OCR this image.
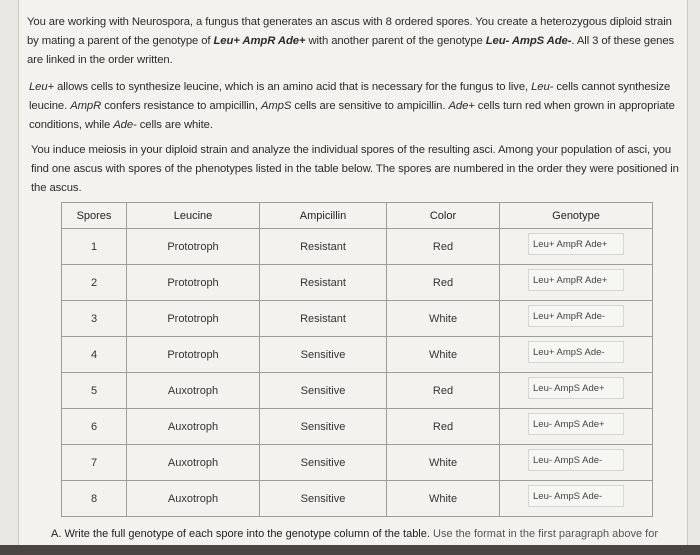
You are working with Neurospora, a fungus that generates an ascus with 8 ordered spores. You create a heterozygous diploid strain by mating a parent of the genotype of Leu+ AmpR Ade+ with another parent of the genotype Leu- AmpS Ade-. All 3 of these genes are linked in the order written.
Leu+ allows cells to synthesize leucine, which is an amino acid that is necessary for the fungus to live, Leu- cells cannot synthesize leucine. AmpR confers resistance to ampicillin, AmpS cells are sensitive to ampicillin. Ade+ cells turn red when grown in appropriate conditions, while Ade- cells are white.
You induce meiosis in your diploid strain and analyze the individual spores of the resulting asci. Among your population of asci, you find one ascus with spores of the phenotypes listed in the table below. The spores are numbered in the order they were positioned in the ascus.
Spores	Leucine	Ampicillin	Color	Genotype
1	Prototroph	Resistant	Red	Leu+ AmpR Ade+
2	Prototroph	Resistant	Red	Leu+ AmpR Ade+
3	Prototroph	Resistant	White	Leu+ AmpR Ade-
4	Prototroph	Sensitive	White	Leu+ AmpS Ade-
5	Auxotroph	Sensitive	Red	Leu- AmpS Ade+
6	Auxotroph	Sensitive	Red	Leu- AmpS Ade+
7	Auxotroph	Sensitive	White	Leu- AmpS Ade-
8	Auxotroph	Sensitive	White	Leu- AmpS Ade-
A. Write the full genotype of each spore into the genotype column of the table. Use the format in the first paragraph above for
